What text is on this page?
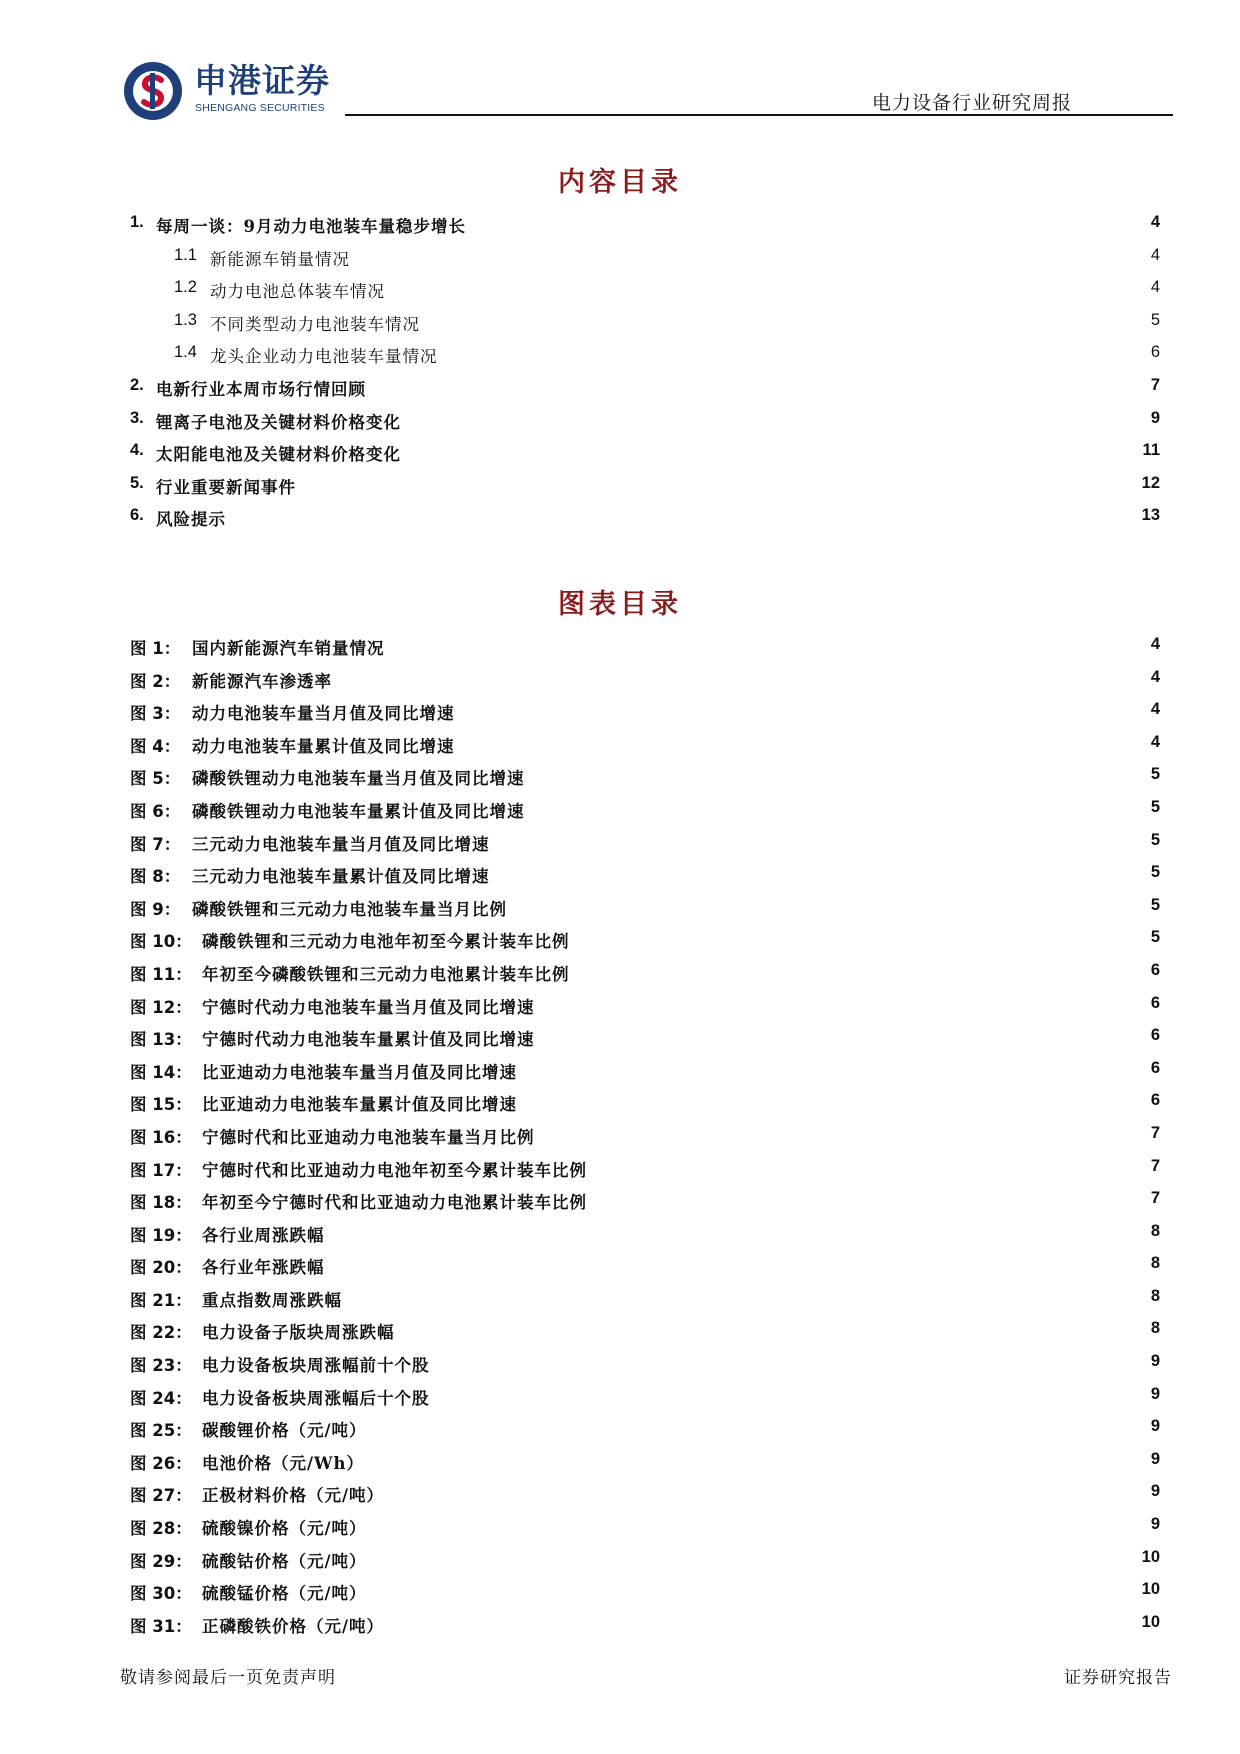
申港证券
SHENGANG SECURITIES	电力设备行业研究周报
内容目录
1. 每周一谈：9月动力电池装车量稳步增长	4
1.1 新能源车销量情况	4
1.2 动力电池总体装车情况	4
1.3 不同类型动力电池装车情况	5
1.4 龙头企业动力电池装车量情况	6
2. 电新行业本周市场行情回顾	7
3. 锂离子电池及关键材料价格变化	9
4. 太阳能电池及关键材料价格变化	11
5. 行业重要新闻事件	12
6. 风险提示	13
图表目录
图 1： 国内新能源汽车销量情况	4
图 2： 新能源汽车渗透率	4
图 3： 动力电池装车量当月值及同比增速	4
图 4： 动力电池装车量累计值及同比增速	4
图 5： 磷酸铁锂动力电池装车量当月值及同比增速	5
图 6： 磷酸铁锂动力电池装车量累计值及同比增速	5
图 7： 三元动力电池装车量当月值及同比增速	5
图 8： 三元动力电池装车量累计值及同比增速	5
图 9： 磷酸铁锂和三元动力电池装车量当月比例	5
图 10： 磷酸铁锂和三元动力电池年初至今累计装车比例	5
图 11： 年初至今磷酸铁锂和三元动力电池累计装车比例	6
图 12： 宁德时代动力电池装车量当月值及同比增速	6
图 13： 宁德时代动力电池装车量累计值及同比增速	6
图 14： 比亚迪动力电池装车量当月值及同比增速	6
图 15： 比亚迪动力电池装车量累计值及同比增速	6
图 16： 宁德时代和比亚迪动力电池装车量当月比例	7
图 17： 宁德时代和比亚迪动力电池年初至今累计装车比例	7
图 18： 年初至今宁德时代和比亚迪动力电池累计装车比例	7
图 19： 各行业周涨跌幅	8
图 20： 各行业年涨跌幅	8
图 21： 重点指数周涨跌幅	8
图 22： 电力设备子版块周涨跌幅	8
图 23： 电力设备板块周涨幅前十个股	9
图 24： 电力设备板块周涨幅后十个股	9
图 25： 碳酸锂价格（元/吨）	9
图 26： 电池价格（元/Wh）	9
图 27： 正极材料价格（元/吨）	9
图 28： 硫酸镍价格（元/吨）	9
图 29： 硫酸钴价格（元/吨）	10
图 30： 硫酸锰价格（元/吨）	10
图 31： 正磷酸铁价格（元/吨）	10
敬请参阅最后一页免责声明	证券研究报告
